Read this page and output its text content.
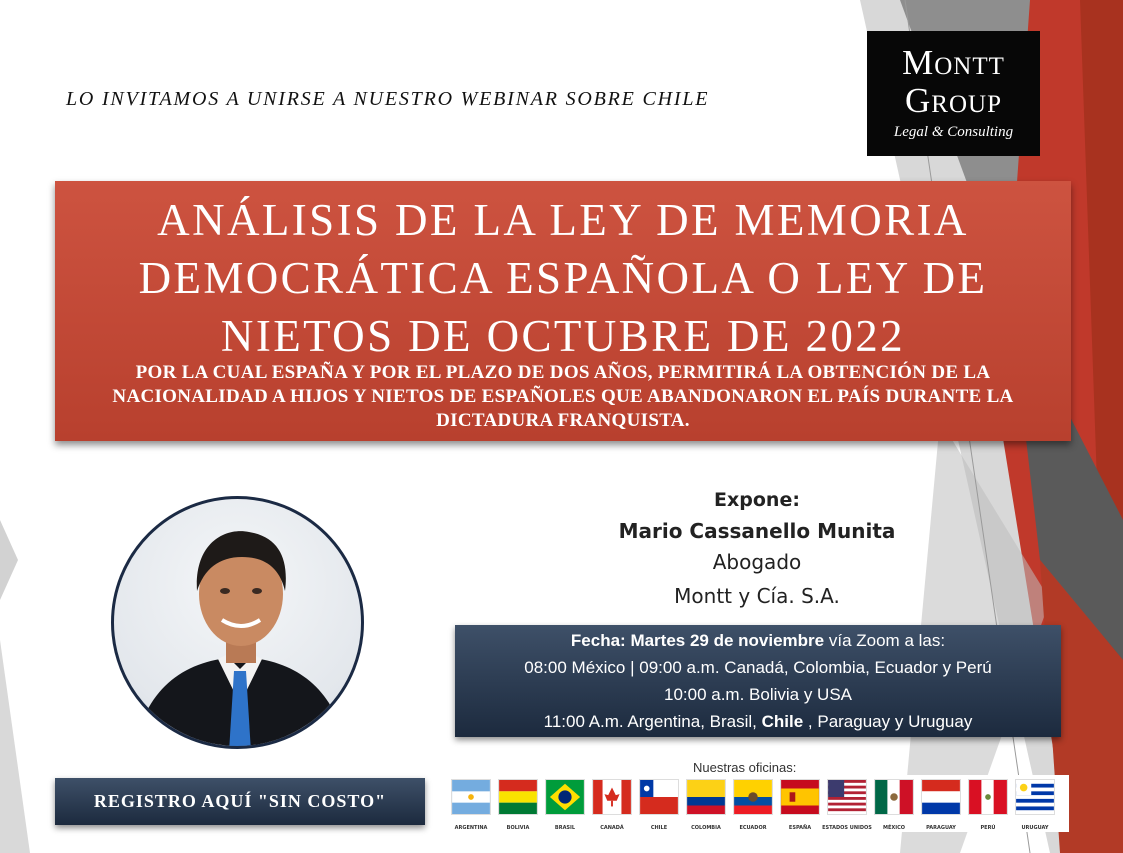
LO INVITAMOS A UNIRSE A NUESTRO WEBINAR SOBRE CHILE
Montt
Group
Legal & Consulting
ANÁLISIS DE LA LEY DE MEMORIA DEMOCRÁTICA ESPAÑOLA O LEY DE NIETOS DE OCTUBRE DE 2022
POR LA CUAL ESPAÑA Y POR EL PLAZO DE DOS AÑOS, PERMITIRÁ LA OBTENCIÓN DE LA NACIONALIDAD A HIJOS Y NIETOS DE ESPAÑOLES QUE ABANDONARON EL PAÍS DURANTE LA DICTADURA FRANQUISTA.
Expone:
Mario Cassanello Munita
Abogado
Montt y Cía. S.A.
Fecha: Martes 29 de noviembre vía Zoom a las:
08:00 México | 09:00 a.m. Canadá, Colombia, Ecuador y Perú
10:00 a.m. Bolivia y USA
11:00 A.m. Argentina, Brasil, Chile , Paraguay y Uruguay
REGISTRO AQUÍ "SIN COSTO"
Nuestras oficinas:
ARGENTINA	BOLIVIA	BRASIL	CANADÁ	CHILE	COLOMBIA	ECUADOR	ESPAÑA	ESTADOS UNIDOS	MÉXICO	PARAGUAY	PERÚ	URUGUAY
